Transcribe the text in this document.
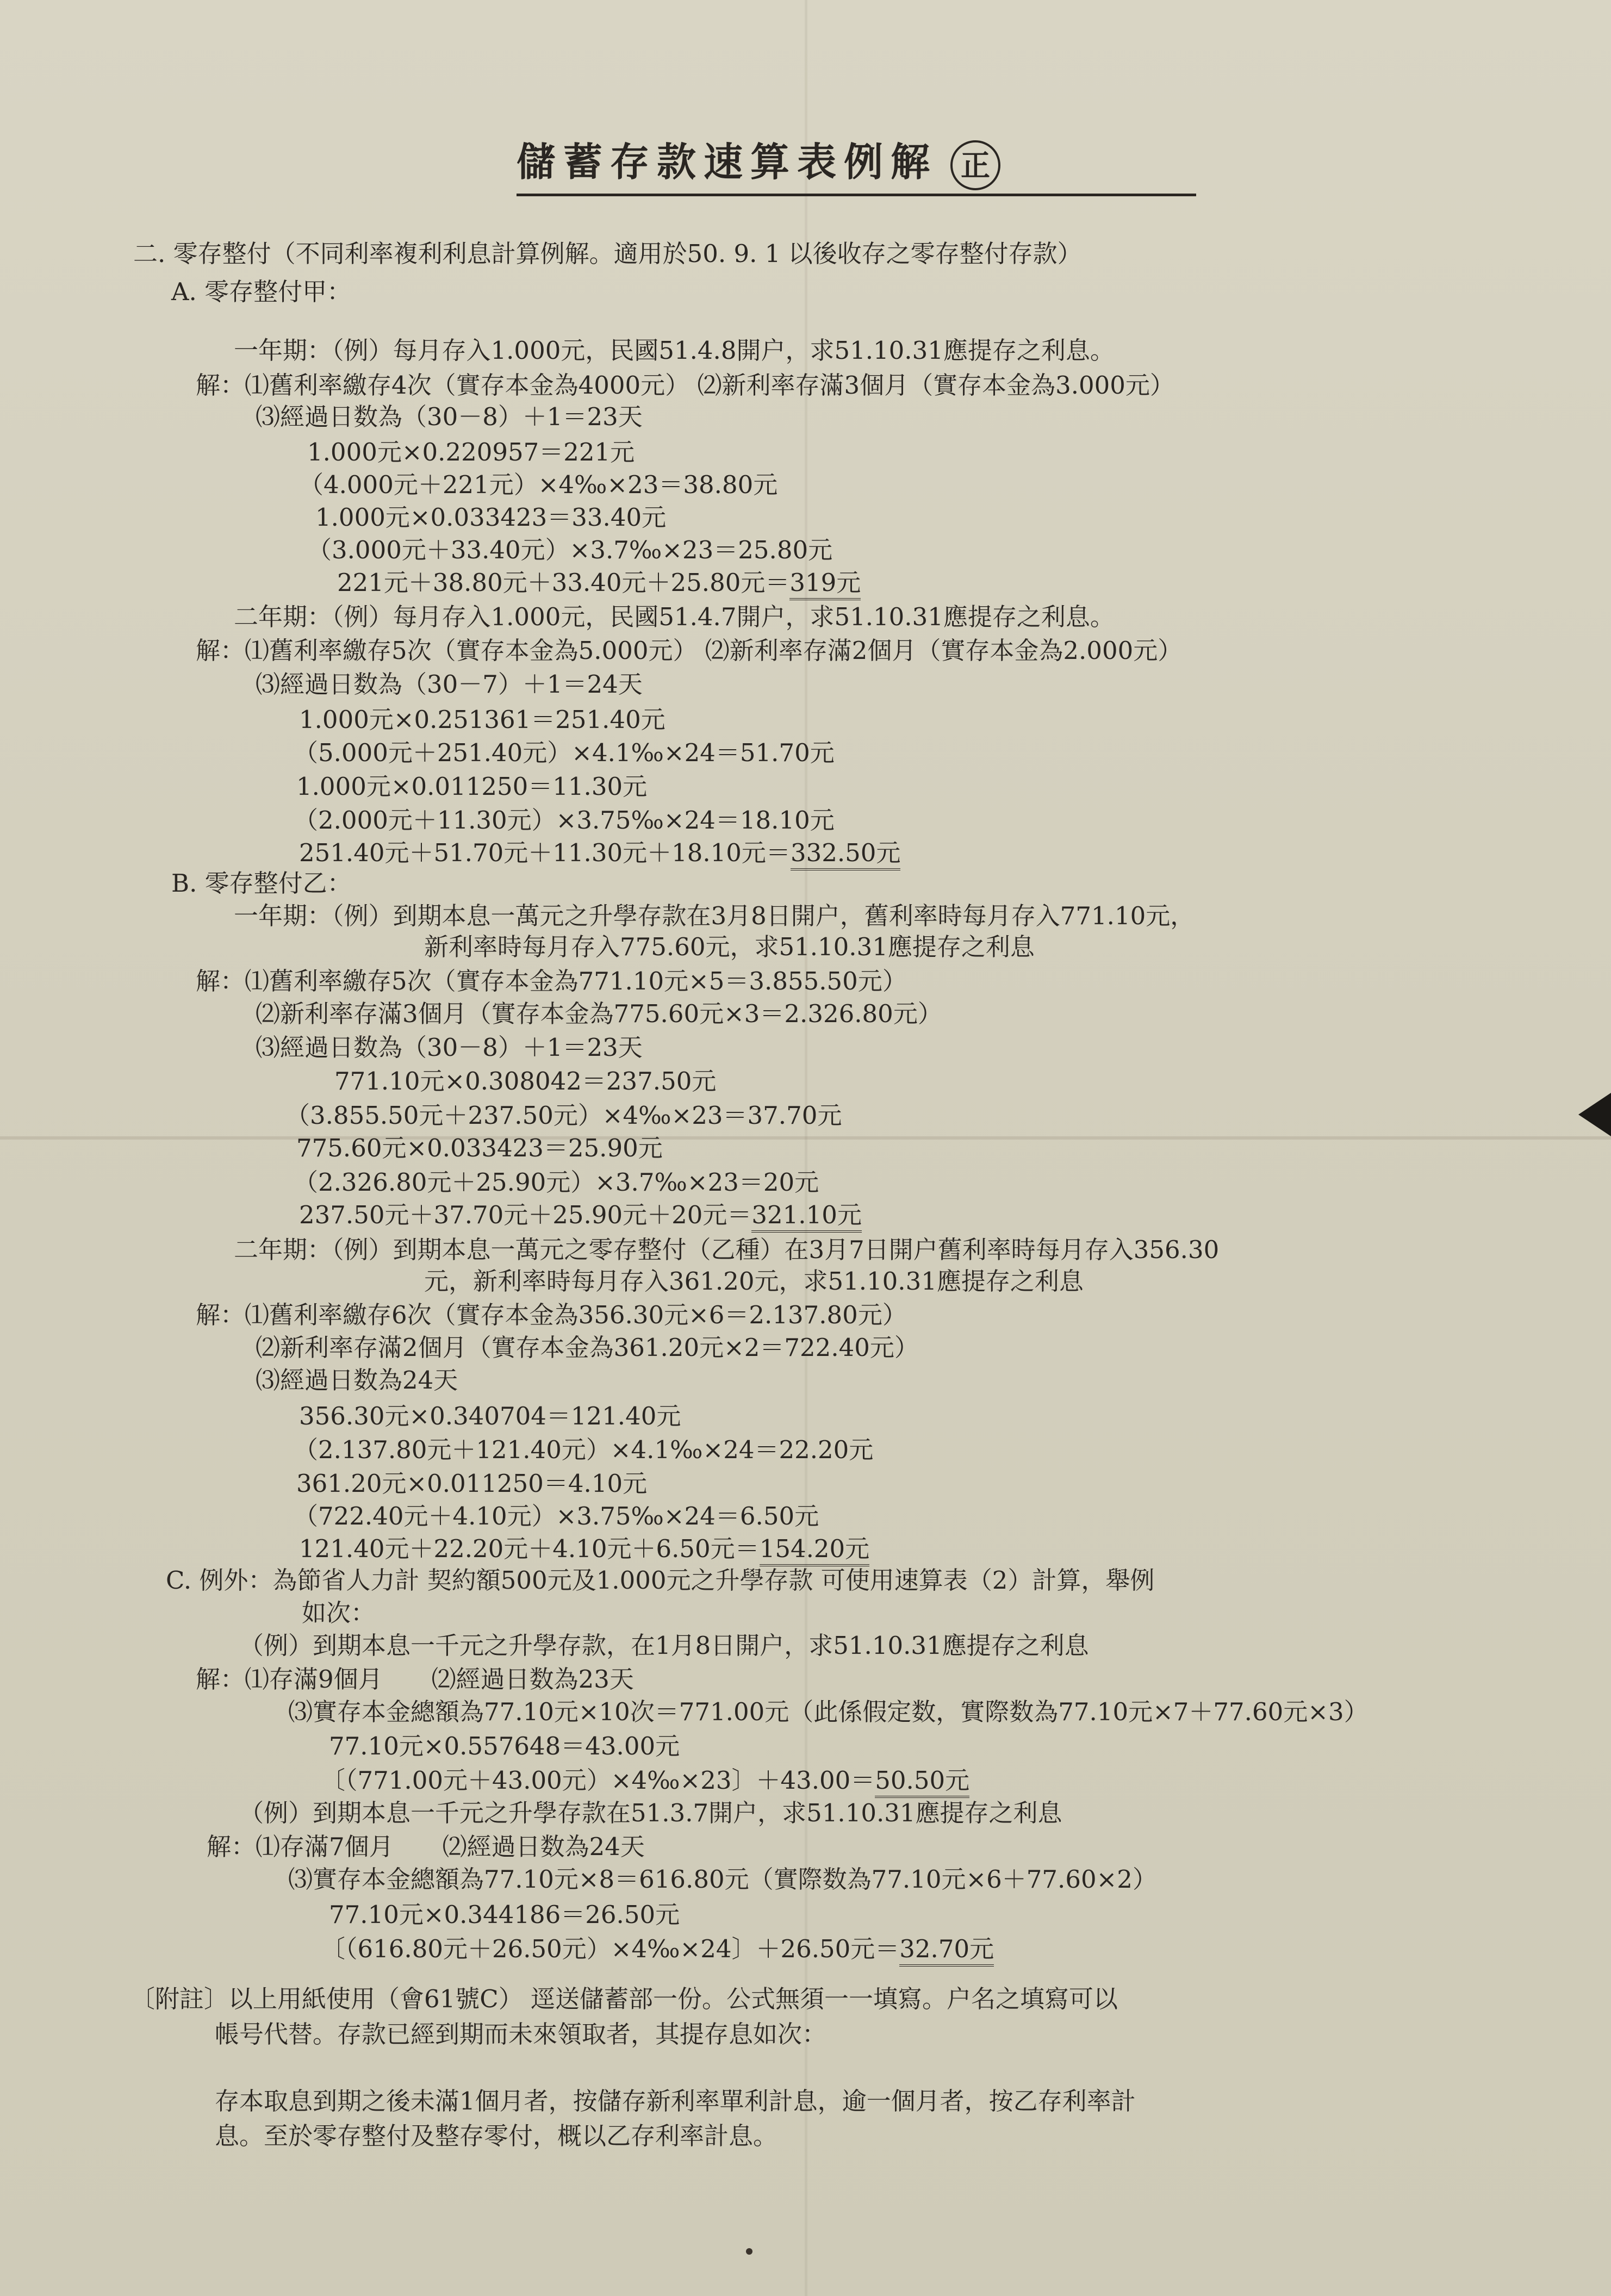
儲蓄存款速算表例解 正
二. 零存整付（不同利率複利利息計算例解。適用於50. 9. 1 以後收存之零存整付存款）
A. 零存整付甲：
一年期：（例）每月存入1.000元，民國51.4.8開户，求51.10.31應提存之利息。
解：⑴舊利率繳存4次（實存本金為4000元） ⑵新利率存滿3個月（實存本金為3.000元）
⑶經過日数為（30－8）＋1＝23天
1.000元×0.220957＝221元
（4.000元＋221元）×4‰×23＝38.80元
1.000元×0.033423＝33.40元
（3.000元＋33.40元）×3.7‰×23＝25.80元
221元＋38.80元＋33.40元＋25.80元＝319元
二年期：（例）每月存入1.000元，民國51.4.7開户，求51.10.31應提存之利息。
解：⑴舊利率繳存5次（實存本金為5.000元） ⑵新利率存滿2個月（實存本金為2.000元）
⑶經過日数為（30－7）＋1＝24天
1.000元×0.251361＝251.40元
（5.000元＋251.40元）×4.1‰×24＝51.70元
1.000元×0.011250＝11.30元
（2.000元＋11.30元）×3.75‰×24＝18.10元
251.40元＋51.70元＋11.30元＋18.10元＝332.50元
B. 零存整付乙：
一年期：（例）到期本息一萬元之升學存款在3月8日開户，舊利率時每月存入771.10元，
新利率時每月存入775.60元，求51.10.31應提存之利息
解：⑴舊利率繳存5次（實存本金為771.10元×5＝3.855.50元）
⑵新利率存滿3個月（實存本金為775.60元×3＝2.326.80元）
⑶經過日数為（30－8）＋1＝23天
771.10元×0.308042＝237.50元
（3.855.50元＋237.50元）×4‰×23＝37.70元
775.60元×0.033423＝25.90元
（2.326.80元＋25.90元）×3.7‰×23＝20元
237.50元＋37.70元＋25.90元＋20元＝321.10元
二年期：（例）到期本息一萬元之零存整付（乙種）在3月7日開户舊利率時每月存入356.30
元，新利率時每月存入361.20元，求51.10.31應提存之利息
解：⑴舊利率繳存6次（實存本金為356.30元×6＝2.137.80元）
⑵新利率存滿2個月（實存本金為361.20元×2＝722.40元）
⑶經過日数為24天
356.30元×0.340704＝121.40元
（2.137.80元＋121.40元）×4.1‰×24＝22.20元
361.20元×0.011250＝4.10元
（722.40元＋4.10元）×3.75‰×24＝6.50元
121.40元＋22.20元＋4.10元＋6.50元＝154.20元
C. 例外：為節省人力計 契約額500元及1.000元之升學存款 可使用速算表（2）計算，舉例
如次：
（例）到期本息一千元之升學存款，在1月8日開户，求51.10.31應提存之利息
解：⑴存滿9個月　　⑵經過日数為23天
⑶實存本金總額為77.10元×10次＝771.00元（此係假定数，實際数為77.10元×7＋77.60元×3）
77.10元×0.557648＝43.00元
〔（771.00元＋43.00元）×4‰×23〕＋43.00＝50.50元
（例）到期本息一千元之升學存款在51.3.7開户，求51.10.31應提存之利息
解：⑴存滿7個月　　⑵經過日数為24天
⑶實存本金總額為77.10元×8＝616.80元（實際数為77.10元×6＋77.60×2）
77.10元×0.344186＝26.50元
〔（616.80元＋26.50元）×4‰×24〕＋26.50元＝32.70元
〔附註〕以上用紙使用（會61號C） 逕送儲蓄部一份。公式無須一一填寫。户名之填寫可以
帳号代替。存款已經到期而未來領取者，其提存息如次：
存本取息到期之後未滿1個月者，按儲存新利率單利計息，逾一個月者，按乙存利率計
息。至於零存整付及整存零付，概以乙存利率計息。
